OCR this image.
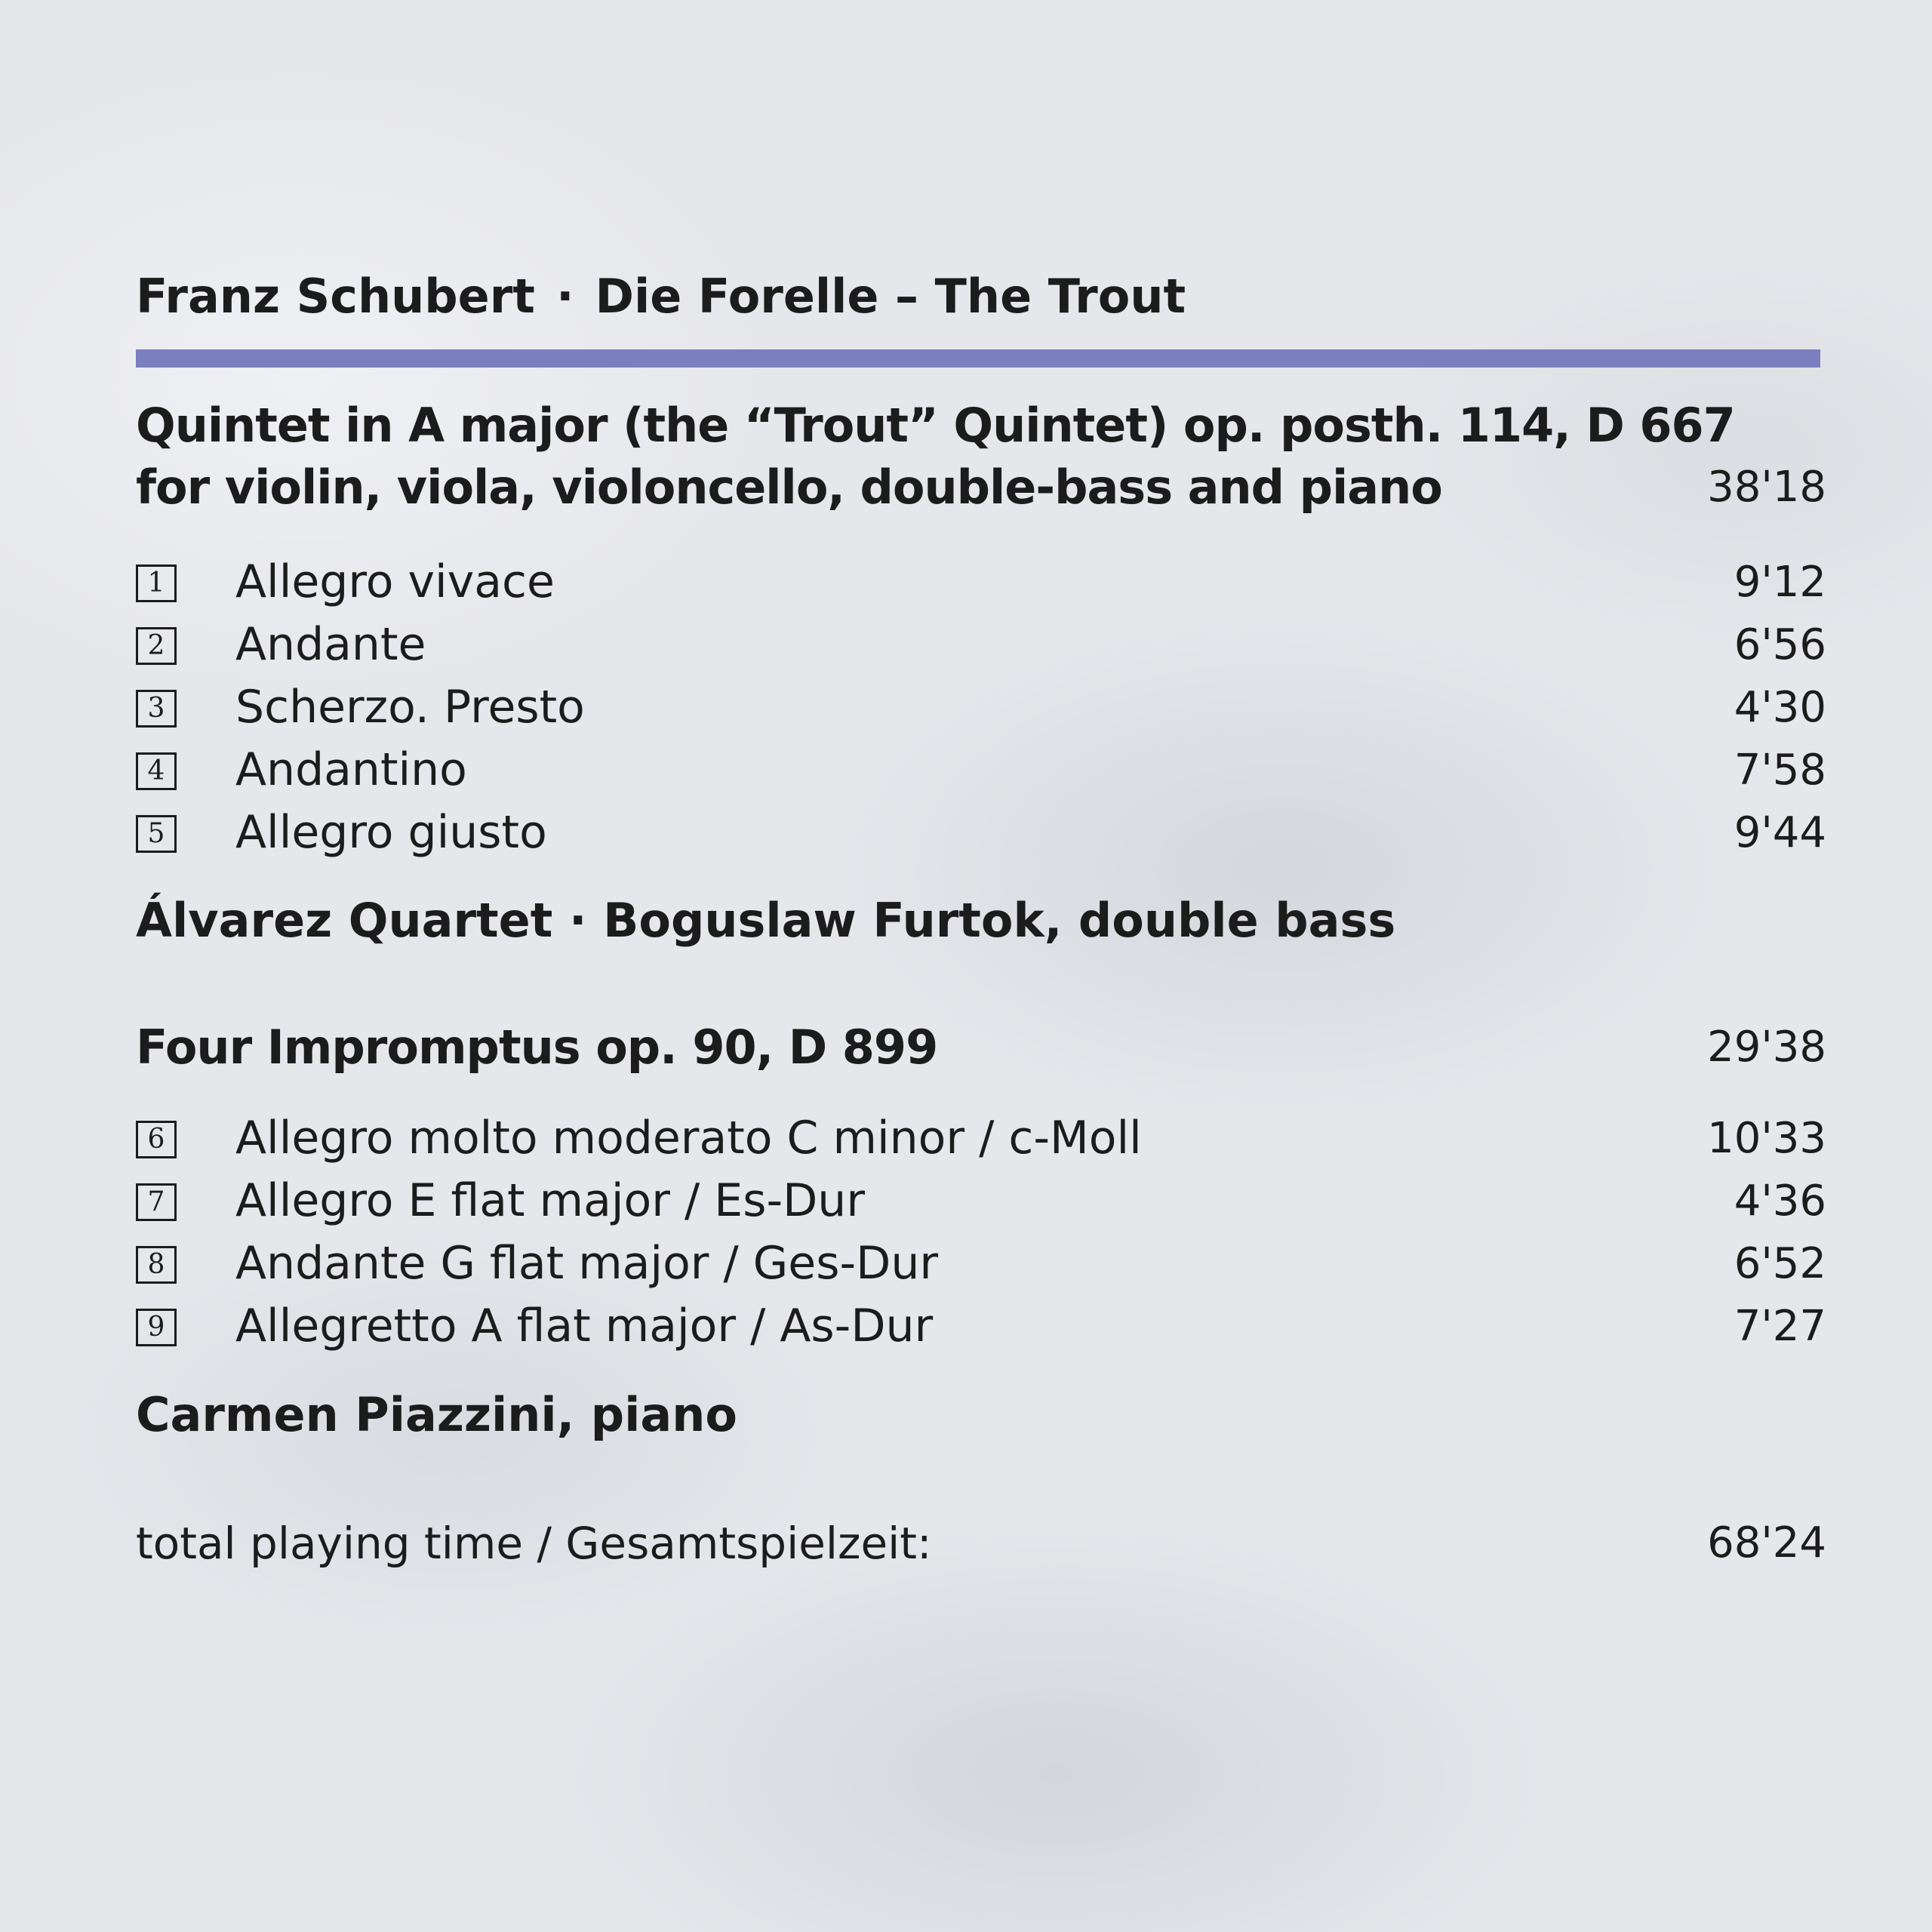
Franz Schubert · Die Forelle – The Trout
Quintet in A major (the “Trout” Quintet) op. posth. 114, D 667
for violin, viola, violoncello, double-bass and piano	38'18
1 Allegro vivace	9'12
2 Andante	6'56
3 Scherzo. Presto	4'30
4 Andantino	7'58
5 Allegro giusto	9'44
Álvarez Quartet · Boguslaw Furtok, double bass
Four Impromptus op. 90, D 899	29'38
6 Allegro molto moderato C minor / c-Moll	10'33
7 Allegro E flat major / Es-Dur	4'36
8 Andante G flat major / Ges-Dur	6'52
9 Allegretto A flat major / As-Dur	7'27
Carmen Piazzini, piano
total playing time / Gesamtspielzeit:	68'24
